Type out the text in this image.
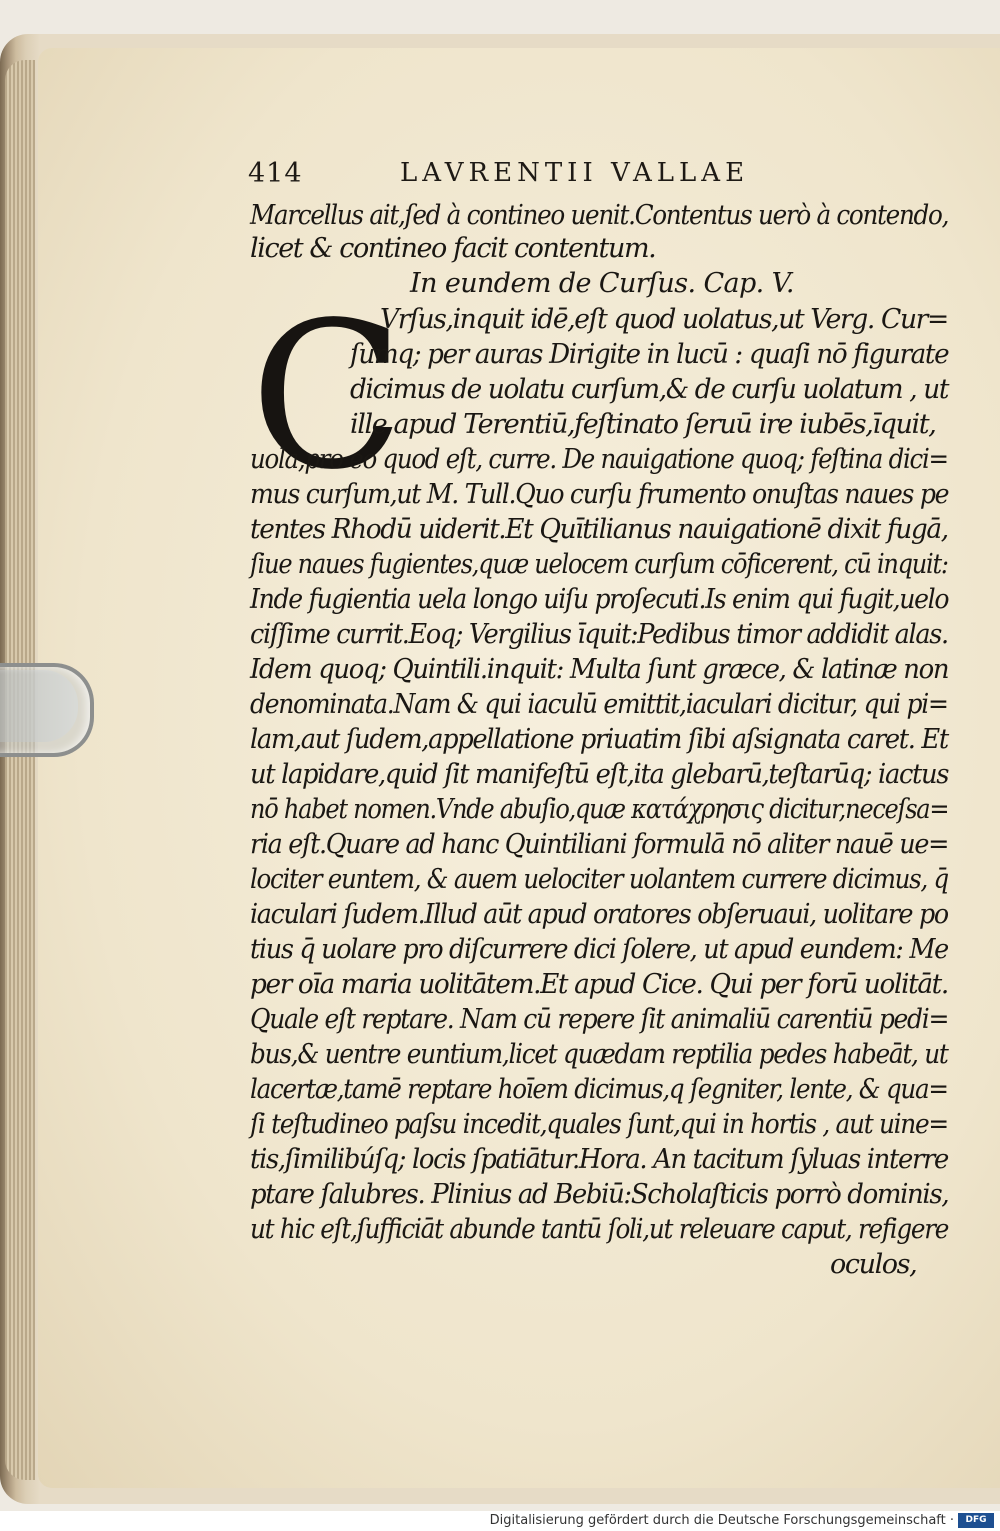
414	LAVRENTII VALLAE
C
Marcellus ait,ſed à contineo uenit.Contentus uerò à contendo,
licet & contineo facit contentum.
In eundem de Curſus. Cap. V.
Vrſus,inquit idē,eſt quod uolatus,ut Verg. Cur=
ſumq; per auras Dirigite in lucū : quaſi nō figurate
dicimus de uolatu curſum,& de curſu uolatum , ut
ille apud Terentiū,feſtinato ſeruū ire iubēs,īquit,
uola,pro eo quod eſt, curre. De nauigatione quoq; feſtina dici=
mus curſum,ut M. Tull.Quo curſu frumento onuſtas naues pe
tentes Rhodū uiderit.Et Quītilianus nauigationē dixit fugā,
ſiue naues fugientes,quæ uelocem curſum cōficerent, cū inquit:
Inde fugientia uela longo uiſu proſecuti.Is enim qui fugit,uelo
ciſſime currit.Eoq; Vergilius īquit:Pedibus timor addidit alas.
Idem quoq; Quintili.inquit: Multa ſunt græce, & latinæ non
denominata.Nam & qui iaculū emittit,iaculari dicitur, qui pi=
lam,aut ſudem,appellatione priuatim ſibi aſsignata caret. Et
ut lapidare,quid ſit manifeſtū eſt,ita glebarū,teſtarūq; iactus
nō habet nomen.Vnde abuſio,quæ κατάχρησις dicitur,neceſsa=
ria eſt.Quare ad hanc Quintiliani formulā nō aliter nauē ue=
lociter euntem, & auem uelociter uolantem currere dicimus, q̄
iaculari ſudem.Illud aūt apud oratores obſeruaui, uolitare po
tius q̄ uolare pro diſcurrere dici ſolere, ut apud eundem: Me
per oīa maria uolitātem.Et apud Cice. Qui per forū uolitāt.
Quale eſt reptare. Nam cū repere ſit animaliū carentiū pedi=
bus,& uentre euntium,licet quædam reptilia pedes habeāt, ut
lacertæ,tamē reptare hoīem dicimus,q ſegniter, lente, & qua=
ſi teſtudineo paſsu incedit,quales ſunt,qui in hortis , aut uine=
tis,ſimilibúſq; locis ſpatiātur.Hora. An tacitum ſyluas interre
ptare ſalubres. Plinius ad Bebiū:Scholaſticis porrò dominis,
ut hic eſt,ſufficiāt abunde tantū ſoli,ut releuare caput, refigere
oculos,
Digitalisierung gefördert durch die Deutsche Forschungsgemeinschaft ·	DFG
